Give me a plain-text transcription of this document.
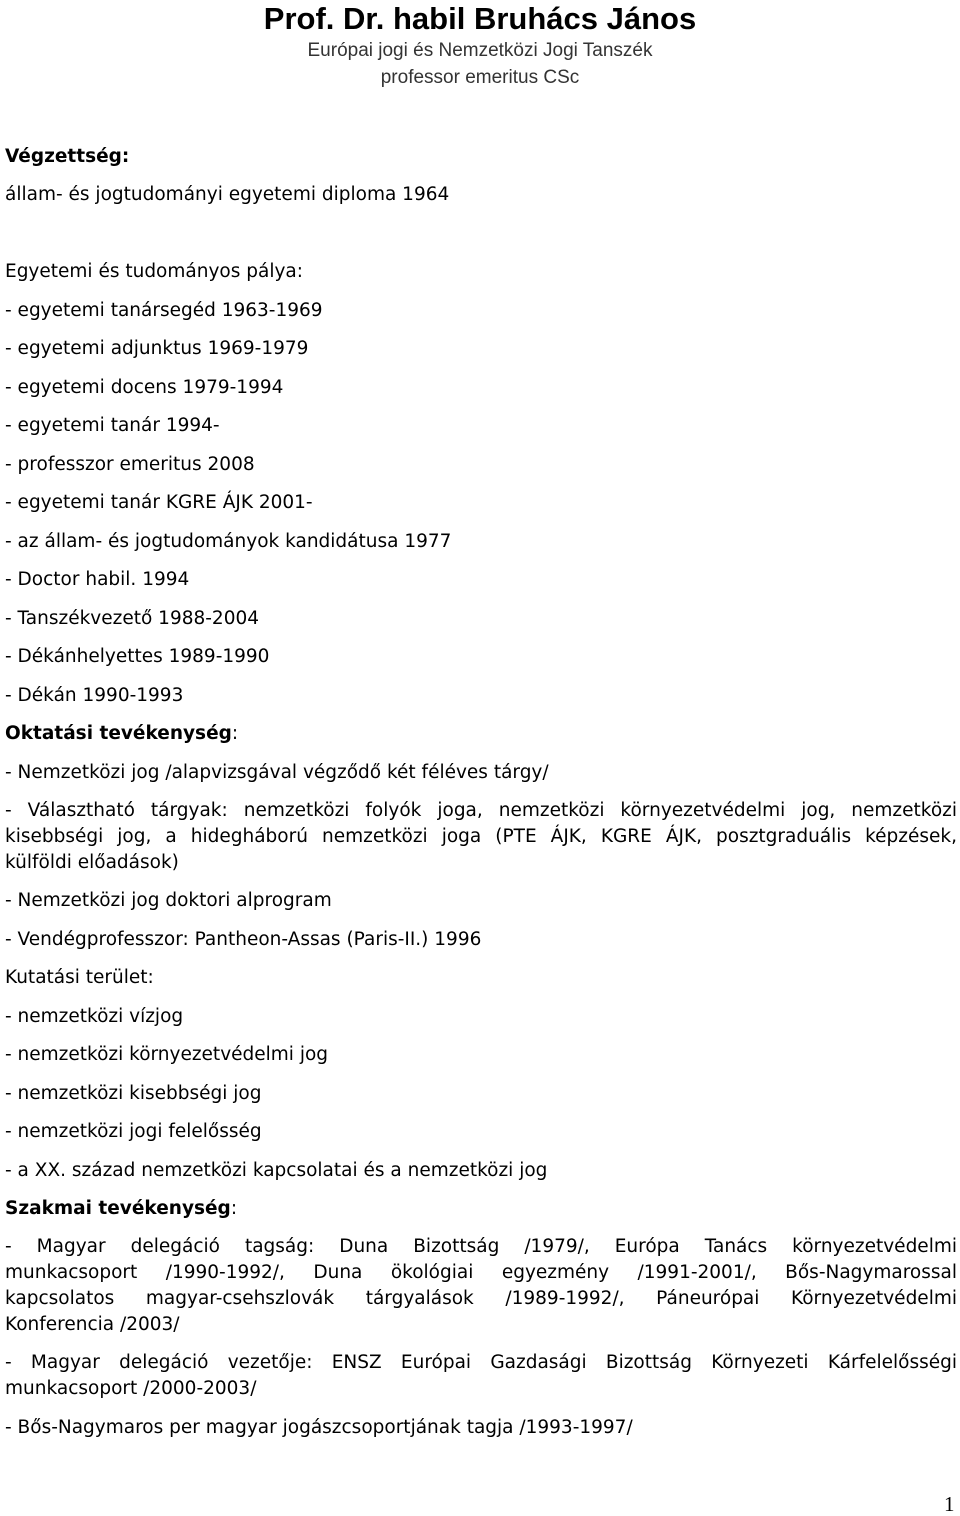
Prof. Dr. habil Bruhács János
Európai jogi és Nemzetközi Jogi Tanszék
professor emeritus CSc
Végzettség:
állam- és jogtudományi egyetemi diploma 1964
Egyetemi és tudományos pálya:
- egyetemi tanársegéd 1963-1969
- egyetemi adjunktus 1969-1979
- egyetemi docens 1979-1994
- egyetemi tanár 1994-
- professzor emeritus 2008
- egyetemi tanár KGRE ÁJK 2001-
- az állam- és jogtudományok kandidátusa 1977
- Doctor habil. 1994
- Tanszékvezető 1988-2004
- Dékánhelyettes 1989-1990
- Dékán 1990-1993
Oktatási tevékenység:
- Nemzetközi jog /alapvizsgával végződő két féléves tárgy/
- Választható tárgyak: nemzetközi folyók joga, nemzetközi környezetvédelmi jog, nemzetközi
kisebbségi jog, a hidegháború nemzetközi joga (PTE ÁJK, KGRE ÁJK, posztgraduális képzések,
külföldi előadások)
- Nemzetközi jog doktori alprogram
- Vendégprofesszor: Pantheon-Assas (Paris-II.) 1996
Kutatási terület:
- nemzetközi vízjog
- nemzetközi környezetvédelmi jog
- nemzetközi kisebbségi jog
- nemzetközi jogi felelősség
- a XX. század nemzetközi kapcsolatai és a nemzetközi jog
Szakmai tevékenység:
- Magyar delegáció tagság: Duna Bizottság /1979/, Európa Tanács környezetvédelmi
munkacsoport /1990-1992/, Duna ökológiai egyezmény /1991-2001/, Bős-Nagymarossal
kapcsolatos magyar-csehszlovák tárgyalások /1989-1992/, Páneurópai Környezetvédelmi
Konferencia /2003/
- Magyar delegáció vezetője: ENSZ Európai Gazdasági Bizottság Környezeti Kárfelelősségi
munkacsoport /2000-2003/
- Bős-Nagymaros per magyar jogászcsoportjának tagja /1993-1997/
1
